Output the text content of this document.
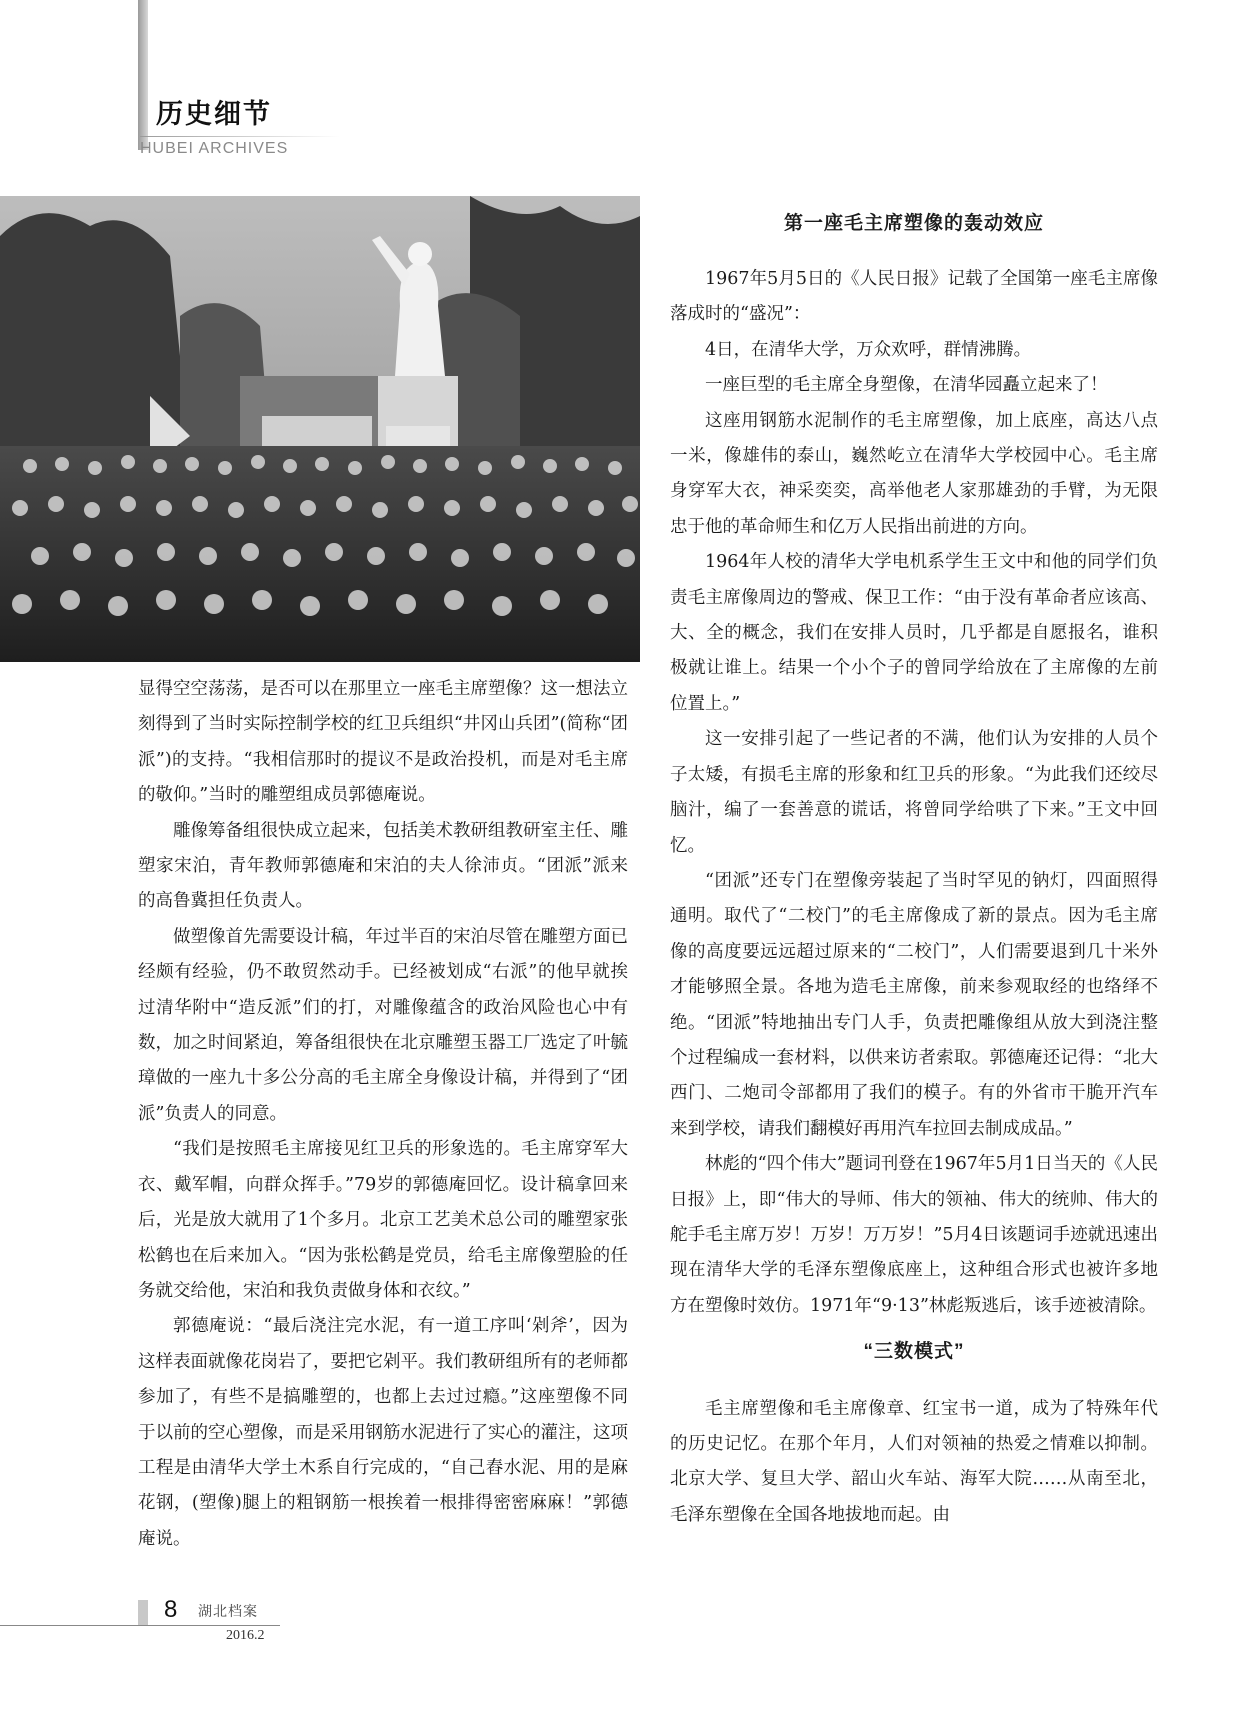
历史细节
HUBEI ARCHIVES

显得空空荡荡，是否可以在那里立一座毛主席塑像？这一想法立刻得到了当时实际控制学校的红卫兵组织“井冈山兵团”(简称“团派”)的支持。“我相信那时的提议不是政治投机，而是对毛主席的敬仰。”当时的雕塑组成员郭德庵说。

雕像筹备组很快成立起来，包括美术教研组教研室主任、雕塑家宋泊，青年教师郭德庵和宋泊的夫人徐沛贞。“团派”派来的高鲁冀担任负责人。

做塑像首先需要设计稿，年过半百的宋泊尽管在雕塑方面已经颇有经验，仍不敢贸然动手。已经被划成“右派”的他早就挨过清华附中“造反派”们的打，对雕像蕴含的政治风险也心中有数，加之时间紧迫，筹备组很快在北京雕塑玉器工厂选定了叶毓璋做的一座九十多公分高的毛主席全身像设计稿，并得到了“团派”负责人的同意。

“我们是按照毛主席接见红卫兵的形象选的。毛主席穿军大衣、戴军帽，向群众挥手。”79岁的郭德庵回忆。设计稿拿回来后，光是放大就用了1个多月。北京工艺美术总公司的雕塑家张松鹤也在后来加入。“因为张松鹤是党员，给毛主席像塑脸的任务就交给他，宋泊和我负责做身体和衣纹。”

郭德庵说：“最后浇注完水泥，有一道工序叫‘剁斧’，因为这样表面就像花岗岩了，要把它剁平。我们教研组所有的老师都参加了，有些不是搞雕塑的，也都上去过过瘾。”这座塑像不同于以前的空心塑像，而是采用钢筋水泥进行了实心的灌注，这项工程是由清华大学土木系自行完成的，“自己舂水泥、用的是麻花钢，(塑像)腿上的粗钢筋一根挨着一根排得密密麻麻！”郭德庵说。

第一座毛主席塑像的轰动效应

1967年5月5日的《人民日报》记载了全国第一座毛主席像落成时的“盛况”：

4日，在清华大学，万众欢呼，群情沸腾。

一座巨型的毛主席全身塑像，在清华园矗立起来了！

这座用钢筋水泥制作的毛主席塑像，加上底座，高达八点一米，像雄伟的泰山，巍然屹立在清华大学校园中心。毛主席身穿军大衣，神采奕奕，高举他老人家那雄劲的手臂，为无限忠于他的革命师生和亿万人民指出前进的方向。

1964年人校的清华大学电机系学生王文中和他的同学们负责毛主席像周边的警戒、保卫工作：“由于没有革命者应该高、大、全的概念，我们在安排人员时，几乎都是自愿报名，谁积极就让谁上。结果一个小个子的曾同学给放在了主席像的左前位置上。”

这一安排引起了一些记者的不满，他们认为安排的人员个子太矮，有损毛主席的形象和红卫兵的形象。“为此我们还绞尽脑汁，编了一套善意的谎话，将曾同学给哄了下来。”王文中回忆。

“团派”还专门在塑像旁装起了当时罕见的钠灯，四面照得通明。取代了“二校门”的毛主席像成了新的景点。因为毛主席像的高度要远远超过原来的“二校门”，人们需要退到几十米外才能够照全景。各地为造毛主席像，前来参观取经的也络绎不绝。“团派”特地抽出专门人手，负责把雕像组从放大到浇注整个过程编成一套材料，以供来访者索取。郭德庵还记得：“北大西门、二炮司令部都用了我们的模子。有的外省市干脆开汽车来到学校，请我们翻模好再用汽车拉回去制成成品。”

林彪的“四个伟大”题词刊登在1967年5月1日当天的《人民日报》上，即“伟大的导师、伟大的领袖、伟大的统帅、伟大的舵手毛主席万岁！万岁！万万岁！”5月4日该题词手迹就迅速出现在清华大学的毛泽东塑像底座上，这种组合形式也被许多地方在塑像时效仿。1971年“9·13”林彪叛逃后，该手迹被清除。

“三数模式”

毛主席塑像和毛主席像章、红宝书一道，成为了特殊年代的历史记忆。在那个年月，人们对领袖的热爱之情难以抑制。北京大学、复旦大学、韶山火车站、海军大院……从南至北，毛泽东塑像在全国各地拔地而起。由

8 湖北档案
2016.2
